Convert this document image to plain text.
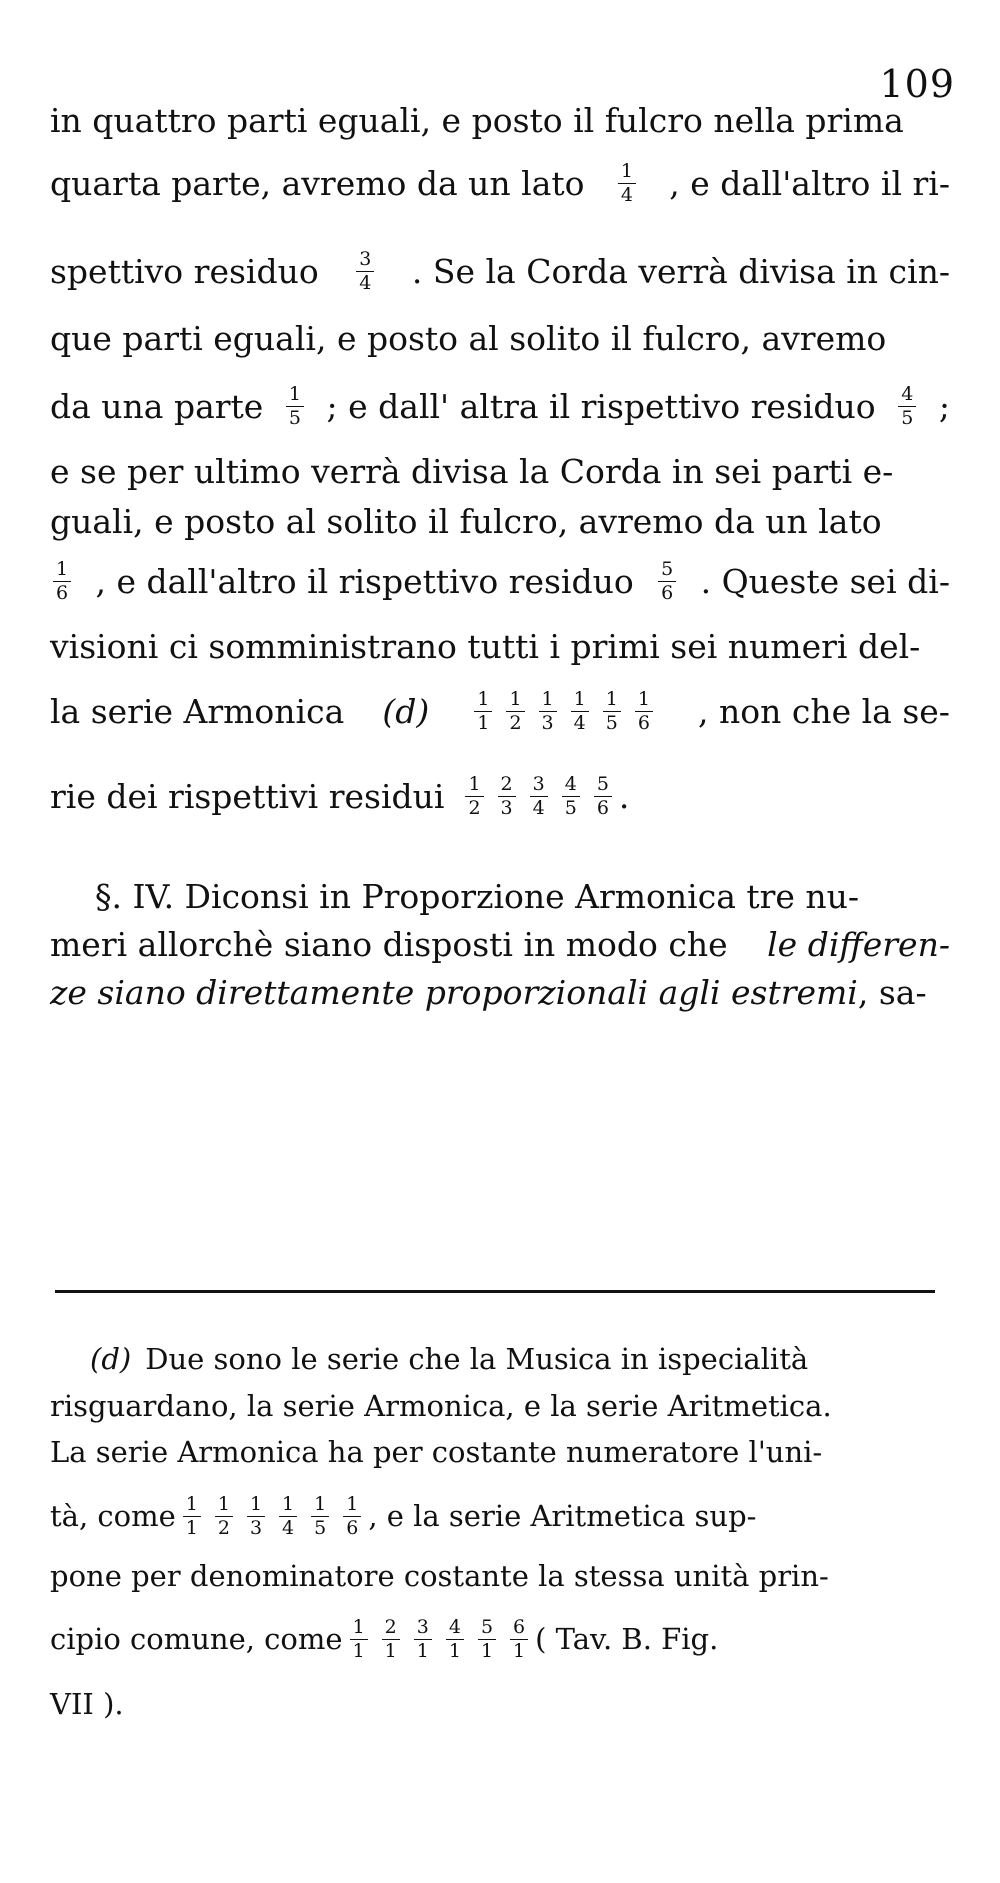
109
in quattro parti eguali, e posto il fulcro nella prima
quarta parte, avremo da un lato $\frac{1}{4}$ , e dall'altro il ri-
spettivo residuo $\frac{3}{4}$ . Se la Corda verrà divisa in cin-
que parti eguali, e posto al solito il fulcro, avremo
da una parte $\frac{1}{5}$ ; e dall' altra il rispettivo residuo $\frac{4}{5}$ ;
e se per ultimo verrà divisa la Corda in sei parti e-
guali, e posto al solito il fulcro, avremo da un lato
$\frac{1}{6}$ , e dall'altro il rispettivo residuo $\frac{5}{6}$ . Queste sei di-
visioni ci somministrano tutti i primi sei numeri del-
la serie Armonica $(d) \frac{1}{1} \frac{1}{2} \frac{1}{3} \frac{1}{4} \frac{1}{5} \frac{1}{6}$ , non che la se-
rie dei rispettivi residui $\frac{1}{2} \frac{2}{3} \frac{3}{4} \frac{4}{5} \frac{5}{6}$ .
§. IV. Diconsi in Proporzione Armonica tre nu-
meri allorchè siano disposti in modo che le differen-
ze siano direttamente proporzionali agli estremi , sa-
(d) Due sono le serie che la Musica in ispecialità
risguardano, la serie Armonica, e la serie Aritmetica.
La serie Armonica ha per costante numeratore l'uni-
tà, come $\frac{1}{1} \frac{1}{2} \frac{1}{3} \frac{1}{4} \frac{1}{5} \frac{1}{6}$ , e la serie Aritmetica sup-
pone per denominatore costante la stessa unità prin-
cipio comune, come $\frac{1}{1} \frac{2}{1} \frac{3}{1} \frac{4}{1} \frac{5}{1} \frac{6}{1}$ ( Tav. B. Fig.
VII ).
